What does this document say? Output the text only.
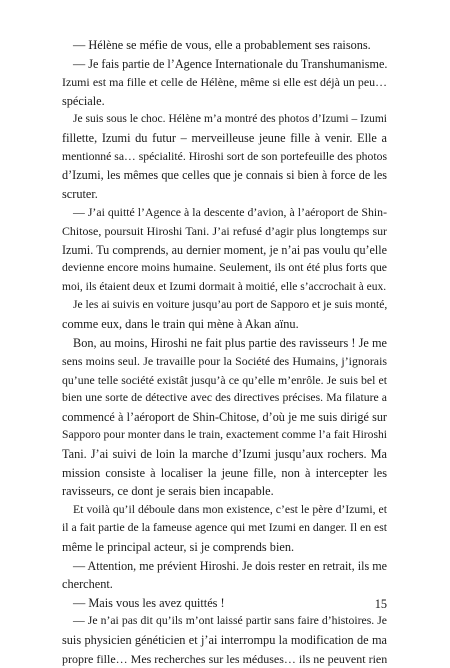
— Hélène se méfie de vous, elle a probablement ses raisons.
— Je fais partie de l’Agence Internationale du Transhumanisme.
Izumi est ma fille et celle de Hélène, même si elle est déjà un peu…
spéciale.
Je suis sous le choc. Hélène m’a montré des photos d’Izumi – Izumi
fillette, Izumi du futur – merveilleuse jeune fille à venir. Elle a
mentionné sa… spécialité. Hiroshi sort de son portefeuille des photos
d’Izumi, les mêmes que celles que je connais si bien à force de les
scruter.
— J’ai quitté l’Agence à la descente d’avion, à l’aéroport de Shin-
Chitose, poursuit Hiroshi Tani. J’ai refusé d’agir plus longtemps sur
Izumi. Tu comprends, au dernier moment, je n’ai pas voulu qu’elle
devienne encore moins humaine. Seulement, ils ont été plus forts que
moi, ils étaient deux et Izumi dormait à moitié, elle s’accrochait à eux.
Je les ai suivis en voiture jusqu’au port de Sapporo et je suis monté,
comme eux, dans le train qui mène à Akan aïnu.
Bon, au moins, Hiroshi ne fait plus partie des ravisseurs ! Je me
sens moins seul. Je travaille pour la Société des Humains, j’ignorais
qu’une telle société existât jusqu’à ce qu’elle m’enrôle. Je suis bel et
bien une sorte de détective avec des directives précises. Ma filature a
commencé à l’aéroport de Shin-Chitose, d’où je me suis dirigé sur
Sapporo pour monter dans le train, exactement comme l’a fait Hiroshi
Tani. J’ai suivi de loin la marche d’Izumi jusqu’aux rochers. Ma
mission consiste à localiser la jeune fille, non à intercepter les
ravisseurs, ce dont je serais bien incapable.
Et voilà qu’il déboule dans mon existence, c’est le père d’Izumi, et
il a fait partie de la fameuse agence qui met Izumi en danger. Il en est
même le principal acteur, si je comprends bien.
— Attention, me prévient Hiroshi. Je dois rester en retrait, ils me
cherchent.
— Mais vous les avez quittés !
— Je n’ai pas dit qu’ils m’ont laissé partir sans faire d’histoires. Je
suis physicien généticien et j’ai interrompu la modification de ma
propre fille… Mes recherches sur les méduses… ils ne peuvent rien
15
